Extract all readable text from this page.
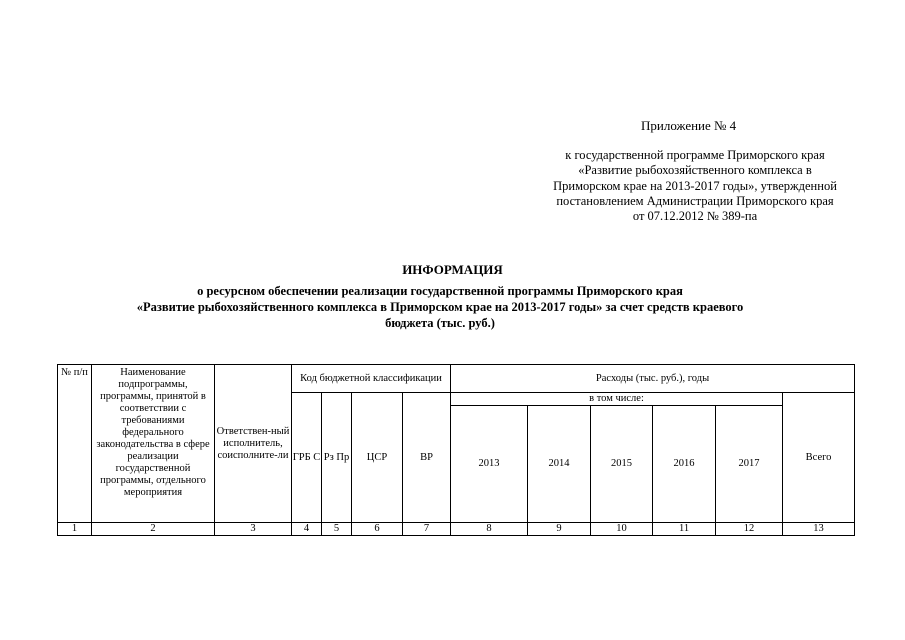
Приложение № 4
к государственной программе Приморского края
«Развитие рыбохозяйственного комплекса в
Приморском крае на 2013-2017 годы», утвержденной
постановлением Администрации Приморского края
от 07.12.2012 № 389-па
ИНФОРМАЦИЯ
о ресурсном обеспечении реализации государственной программы Приморского края
«Развитие рыбохозяйственного комплекса в Приморском крае на 2013-2017 годы» за счет средств краевого
бюджета (тыс. руб.)
№ п/п	Наименование подпрограммы, программы, принятой в соответствии с требованиями федерального законодательства в сфере реализации государственной программы, отдельного мероприятия	Ответствен-ный исполнитель, соисполните-ли	Код бюджетной классификации				Расходы (тыс. руб.), годы					
			ГРБ С	Рз Пр	ЦСР	ВР	в том числе:					Всего
							2013	2014	2015	2016	2017	
1	2	3	4	5	6	7	8	9	10	11	12	13
